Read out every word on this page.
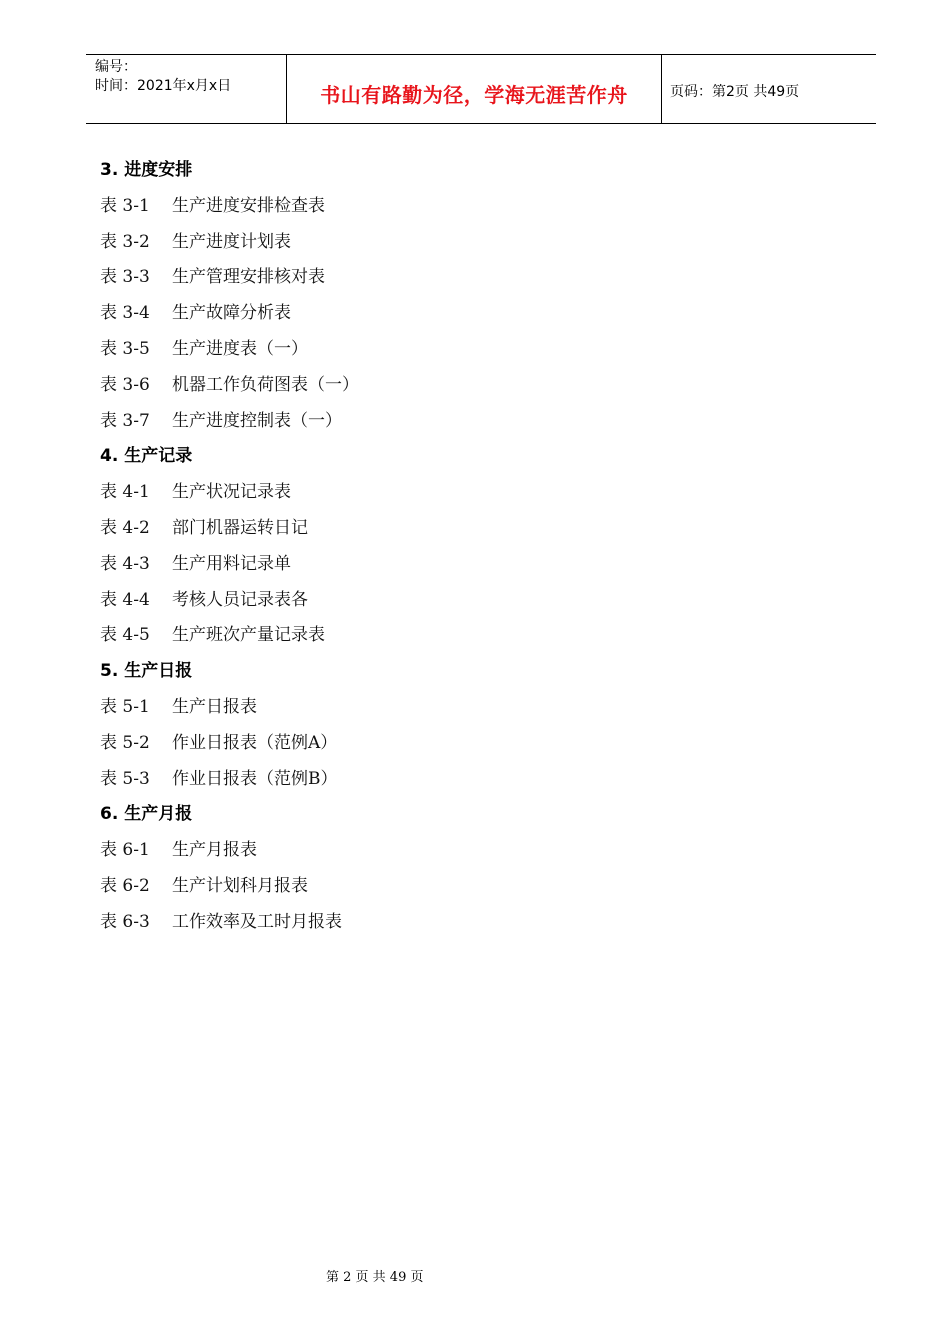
编号：
时间：2021年x月x日	书山有路勤为径，学海无涯苦作舟	页码：第2页 共49页
3. 进度安排
表 3-1 生产进度安排检查表
表 3-2 生产进度计划表
表 3-3 生产管理安排核对表
表 3-4 生产故障分析表
表 3-5 生产进度表（一）
表 3-6 机器工作负荷图表（一）
表 3-7 生产进度控制表（一）
4. 生产记录
表 4-1 生产状况记录表
表 4-2 部门机器运转日记
表 4-3 生产用料记录单
表 4-4 考核人员记录表各
表 4-5 生产班次产量记录表
5. 生产日报
表 5-1 生产日报表
表 5-2 作业日报表（范例A）
表 5-3 作业日报表（范例B）
6. 生产月报
表 6-1 生产月报表
表 6-2 生产计划科月报表
表 6-3 工作效率及工时月报表
第 2 页 共 49 页
